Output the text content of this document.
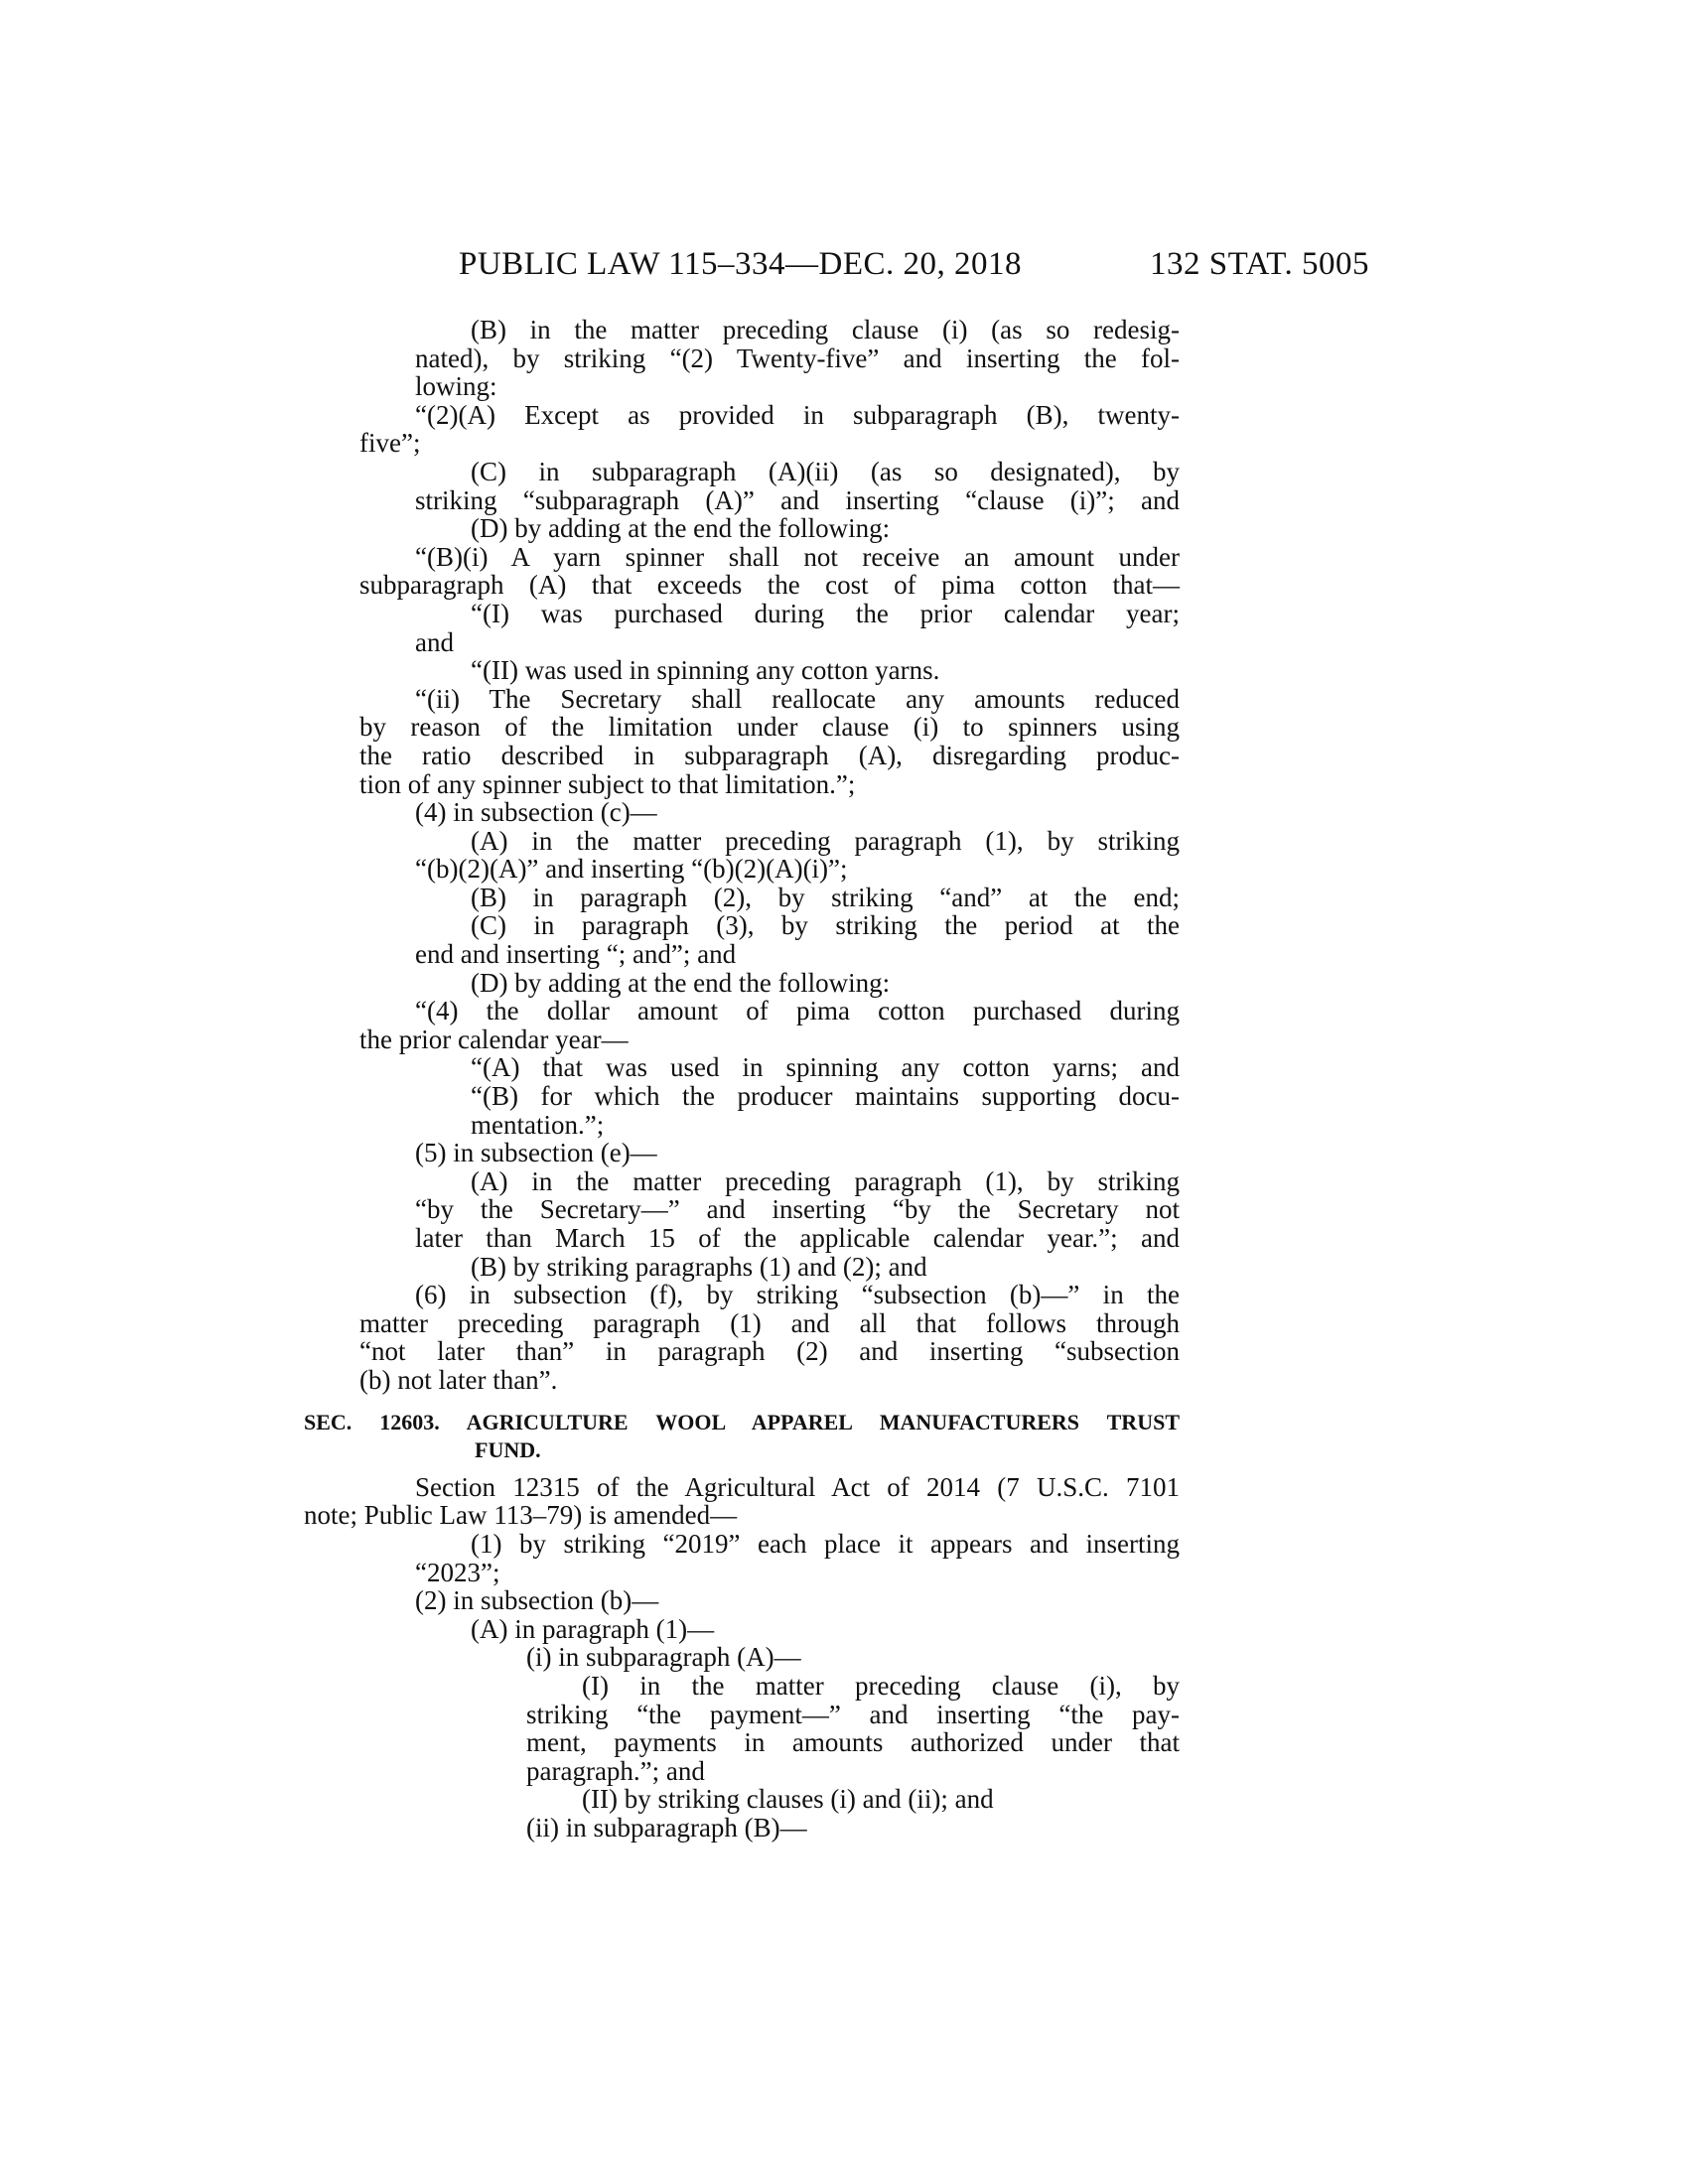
PUBLIC LAW 115–334—DEC. 20, 2018	132 STAT. 5005
(B) in the matter preceding clause (i) (as so redesig-
nated), by striking “(2) Twenty-five” and inserting the fol-
lowing:
“(2)(A) Except as provided in subparagraph (B), twenty-
five”;
(C) in subparagraph (A)(ii) (as so designated), by
striking “subparagraph (A)” and inserting “clause (i)”; and
(D) by adding at the end the following:
“(B)(i) A yarn spinner shall not receive an amount under
subparagraph (A) that exceeds the cost of pima cotton that—
“(I) was purchased during the prior calendar year;
and
“(II) was used in spinning any cotton yarns.
“(ii) The Secretary shall reallocate any amounts reduced
by reason of the limitation under clause (i) to spinners using
the ratio described in subparagraph (A), disregarding produc-
tion of any spinner subject to that limitation.”;
(4) in subsection (c)—
(A) in the matter preceding paragraph (1), by striking
“(b)(2)(A)” and inserting “(b)(2)(A)(i)”;
(B) in paragraph (2), by striking “and” at the end;
(C) in paragraph (3), by striking the period at the
end and inserting “; and”; and
(D) by adding at the end the following:
“(4) the dollar amount of pima cotton purchased during
the prior calendar year—
“(A) that was used in spinning any cotton yarns; and
“(B) for which the producer maintains supporting docu-
mentation.”;
(5) in subsection (e)—
(A) in the matter preceding paragraph (1), by striking
“by the Secretary—” and inserting “by the Secretary not
later than March 15 of the applicable calendar year.”; and
(B) by striking paragraphs (1) and (2); and
(6) in subsection (f), by striking “subsection (b)—” in the
matter preceding paragraph (1) and all that follows through
“not later than” in paragraph (2) and inserting “subsection
(b) not later than”.
SEC. 12603. AGRICULTURE WOOL APPAREL MANUFACTURERS TRUST
FUND.
Section 12315 of the Agricultural Act of 2014 (7 U.S.C. 7101
note; Public Law 113–79) is amended—
(1) by striking “2019” each place it appears and inserting
“2023”;
(2) in subsection (b)—
(A) in paragraph (1)—
(i) in subparagraph (A)—
(I) in the matter preceding clause (i), by
striking “the payment—” and inserting “the pay-
ment, payments in amounts authorized under that
paragraph.”; and
(II) by striking clauses (i) and (ii); and
(ii) in subparagraph (B)—
